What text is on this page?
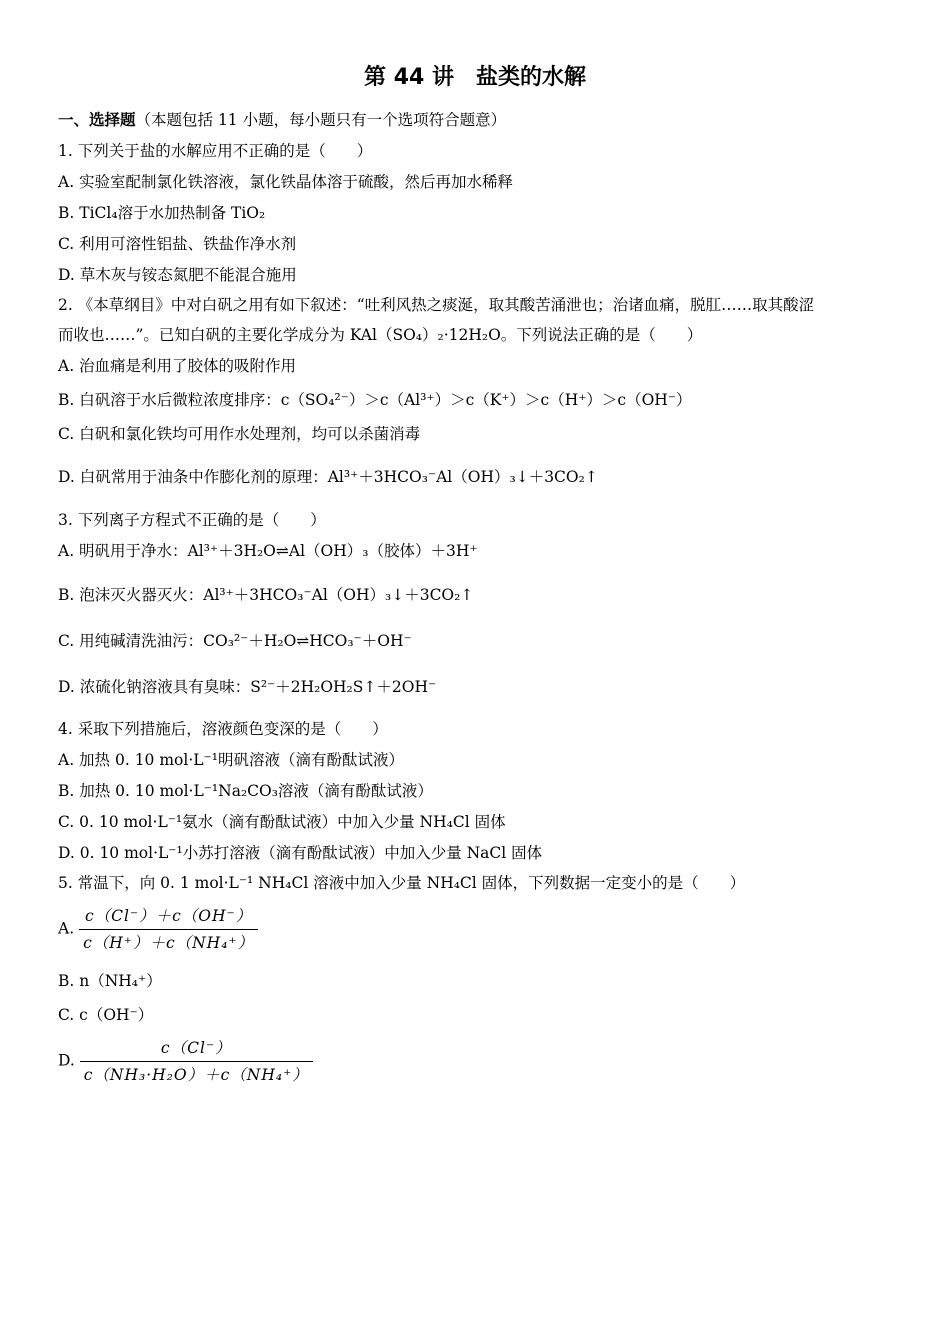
第 44 讲　盐类的水解
一、选择题（本题包括 11 小题，每小题只有一个选项符合题意）
1. 下列关于盐的水解应用不正确的是（　　）
A. 实验室配制氯化铁溶液，氯化铁晶体溶于硫酸，然后再加水稀释
B. TiCl₄溶于水加热制备 TiO₂
C. 利用可溶性铝盐、铁盐作净水剂
D. 草木灰与铵态氮肥不能混合施用
2. 《本草纲目》中对白矾之用有如下叙述：“吐利风热之痰涎，取其酸苦涌泄也；治诸血痛，脱肛……取其酸涩
而收也……”。已知白矾的主要化学成分为 KAl（SO₄）₂·12H₂O。下列说法正确的是（　　）
A. 治血痛是利用了胶体的吸附作用
B. 白矾溶于水后微粒浓度排序：c（SO₄²⁻）＞c（Al³⁺）＞c（K⁺）＞c（H⁺）＞c（OH⁻）
C. 白矾和氯化铁均可用作水处理剂，均可以杀菌消毒
D. 白矾常用于油条中作膨化剂的原理：Al³⁺＋3HCO₃⁻Al（OH）₃↓＋3CO₂↑
3. 下列离子方程式不正确的是（　　）
A. 明矾用于净水：Al³⁺＋3H₂O⇌Al（OH）₃（胶体）＋3H⁺
B. 泡沫灭火器灭火：Al³⁺＋3HCO₃⁻Al（OH）₃↓＋3CO₂↑
C. 用纯碱清洗油污：CO₃²⁻＋H₂O⇌HCO₃⁻＋OH⁻
D. 浓硫化钠溶液具有臭味：S²⁻＋2H₂OH₂S↑＋2OH⁻
4. 采取下列措施后，溶液颜色变深的是（　　）
A. 加热 0. 10 mol·L⁻¹明矾溶液（滴有酚酞试液）
B. 加热 0. 10 mol·L⁻¹Na₂CO₃溶液（滴有酚酞试液）
C. 0. 10 mol·L⁻¹氨水（滴有酚酞试液）中加入少量 NH₄Cl 固体
D. 0. 10 mol·L⁻¹小苏打溶液（滴有酚酞试液）中加入少量 NaCl 固体
5. 常温下，向 0. 1 mol·L⁻¹ NH₄Cl 溶液中加入少量 NH₄Cl 固体，下列数据一定变小的是（　　）
A. $\frac{c(Cl^-)+c(OH^-)}{\text{c（H⁺）＋c（NH₄⁺）}}$
B. n（NH₄⁺）
C. c（OH⁻）
D. $\frac{c(Cl^-)}{\text{c（NH₃·H₂O）＋c（NH₄⁺）}}$
